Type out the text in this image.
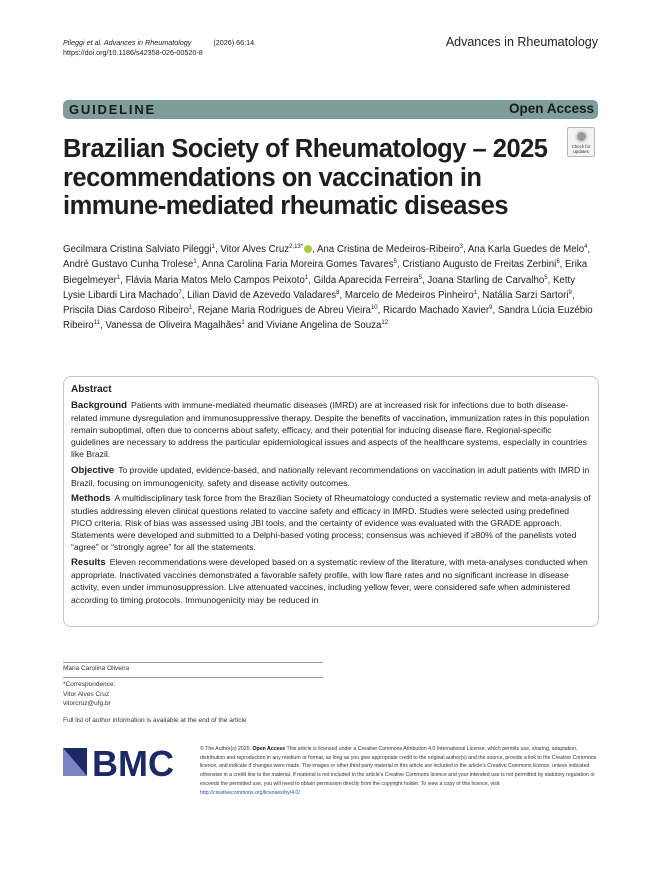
Pileggi et al. Advances in Rheumatology	(2026) 66:14
https://doi.org/10.1186/s42358-026-00520-8
Advances in Rheumatology
GUIDELINE	Open Access
Check for
updates
Brazilian Society of Rheumatology – 2025 recommendations on vaccination in immune-mediated rheumatic diseases
Gecilmara Cristina Salviato Pileggi$^1$, Vitor Alves Cruz$^{2,13*}$ , Ana Cristina de Medeiros-Ribeiro$^3$, Ana Karla Guedes de Melo$^4$, André Gustavo Cunha Trolese$^1$, Anna Carolina Faria Moreira Gomes Tavares$^5$, Cristiano Augusto de Freitas Zerbini$^6$, Erika Biegelmeyer$^1$, Flávia Maria Matos Melo Campos Peixoto$^1$, Gilda Aparecida Ferreira$^5$, Joana Starling de Carvalho$^5$, Ketty Lysie Libardi Lira Machado$^7$, Lilian David de Azevedo Valadares$^8$, Marcelo de Medeiros Pinheiro$^1$, Natália Sarzi Sartori$^9$, Priscila Dias Cardoso Ribeiro$^1$, Rejane Maria Rodrigues de Abreu Vieira$^{10}$, Ricardo Machado Xavier$^9$, Sandra Lúcia Euzébio Ribeiro$^{11}$, Vanessa de Oliveira Magalhães$^1$ and Viviane Angelina de Souza$^{12}$
Abstract

Background Patients with immune-mediated rheumatic diseases (IMRD) are at increased risk for infections due to both disease-related immune dysregulation and immunosuppressive therapy. Despite the benefits of vaccination, immunization rates in this population remain suboptimal, often due to concerns about safety, efficacy, and their potential for inducing disease flare. Regional-specific guidelines are necessary to address the particular epidemiological issues and aspects of the healthcare systems, especially in countries like Brazil.

Objective To provide updated, evidence-based, and nationally relevant recommendations on vaccination in adult patients with IMRD in Brazil, focusing on immunogenicity, safety and disease activity outcomes.

Methods A multidisciplinary task force from the Brazilian Society of Rheumatology conducted a systematic review and meta-analysis of studies addressing eleven clinical questions related to vaccine safety and efficacy in IMRD. Studies were selected using predefined PICO criteria. Risk of bias was assessed using JBI tools, and the certainty of evidence was evaluated with the GRADE approach. Statements were developed and submitted to a Delphi-based voting process; consensus was achieved if ≥80% of the panelists voted “agree” or “strongly agree” for all the statements.

Results Eleven recommendations were developed based on a systematic review of the literature, with meta-analyses conducted when appropriate. Inactivated vaccines demonstrated a favorable safety profile, with low flare rates and no significant increase in disease activity, even under immunosuppression. Live attenuated vaccines, including yellow fever, were considered safe when administered according to timing protocols. Immunogenicity may be reduced in

Maria Carolina Oliveira
*Correspondence:
Vitor Alves Cruz
vitorcruz@ufg.br
Full list of author information is available at the end of the article
BMC	© The Author(s) 2026. Open Access This article is licensed under a Creative Commons Attribution 4.0 International License, which permits use, sharing, adaptation, distribution and reproduction in any medium or format, as long as you give appropriate credit to the original author(s) and the source, provide a link to the Creative Commons licence, and indicate if changes were made. The images or other third party material in this article are included in the article’s Creative Commons licence, unless indicated otherwise in a credit line to the material. If material is not included in the article’s Creative Commons licence and your intended use is not permitted by statutory regulation or exceeds the permitted use, you will need to obtain permission directly from the copyright holder. To view a copy of this licence, visit http://creativecommons.org/licenses/by/4.0/.
